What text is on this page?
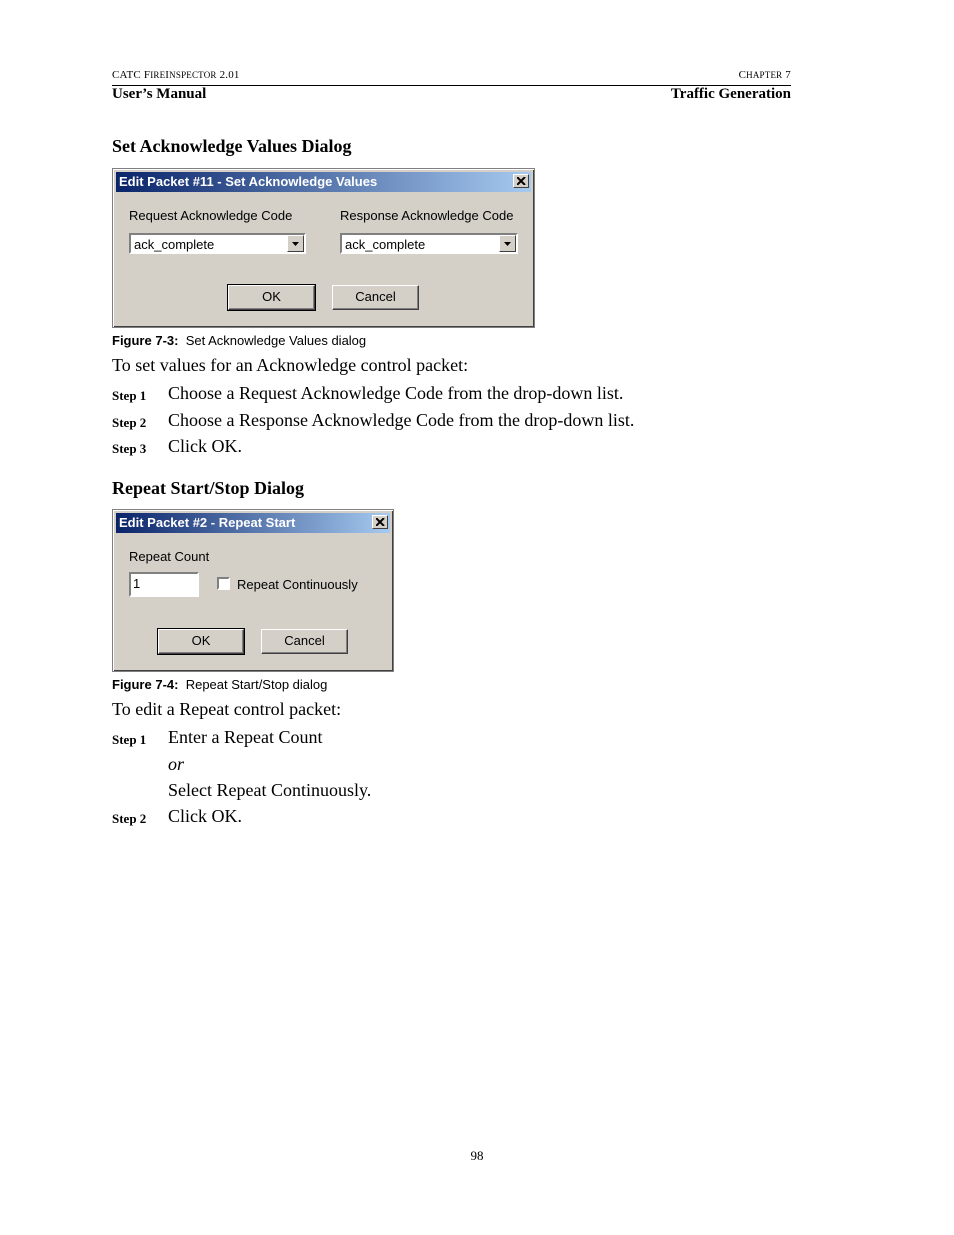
CATC FIREINSPECTOR 2.01	CHAPTER 7
User’s Manual	Traffic Generation
Set Acknowledge Values Dialog
Edit Packet #11 - Set Acknowledge Values
Request Acknowledge Code
ack_complete
Response Acknowledge Code
ack_complete
OK	Cancel
Figure 7-3: Set Acknowledge Values dialog
To set values for an Acknowledge control packet:
Step 1 Choose a Request Acknowledge Code from the drop-down list.
Step 2 Choose a Response Acknowledge Code from the drop-down list.
Step 3 Click OK.
Repeat Start/Stop Dialog
Edit Packet #2 - Repeat Start
Repeat Count
1	Repeat Continuously
OK	Cancel
Figure 7-4: Repeat Start/Stop dialog
To edit a Repeat control packet:
Step 1 Enter a Repeat Count
or
Select Repeat Continuously.
Step 2 Click OK.
98
